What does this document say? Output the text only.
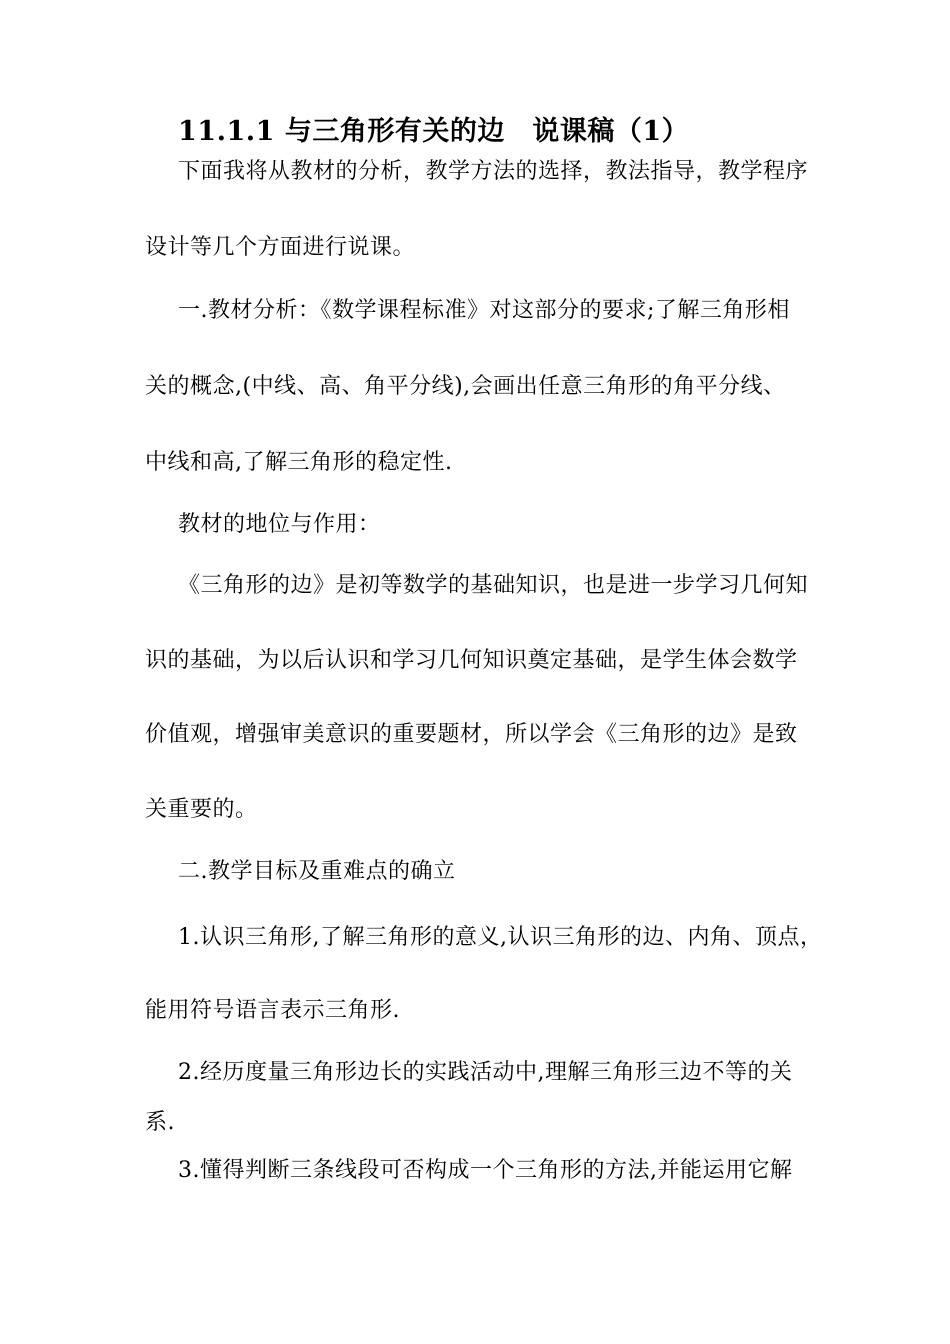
11.1.1 与三角形有关的边　说课稿（1）
下面我将从教材的分析，教学方法的选择，教法指导，教学程序
设计等几个方面进行说课。
一.教材分析：《数学课程标准》对这部分的要求;了解三角形相
关的概念,(中线、高、角平分线),会画出任意三角形的角平分线、
中线和高,了解三角形的稳定性.
教材的地位与作用：
《三角形的边》是初等数学的基础知识，也是进一步学习几何知
识的基础，为以后认识和学习几何知识奠定基础，是学生体会数学
价值观，增强审美意识的重要题材，所以学会《三角形的边》是致
关重要的。
二.教学目标及重难点的确立
1.认识三角形,了解三角形的意义,认识三角形的边、内角、顶点，
能用符号语言表示三角形.
2.经历度量三角形边长的实践活动中,理解三角形三边不等的关
系.
3.懂得判断三条线段可否构成一个三角形的方法,并能运用它解
